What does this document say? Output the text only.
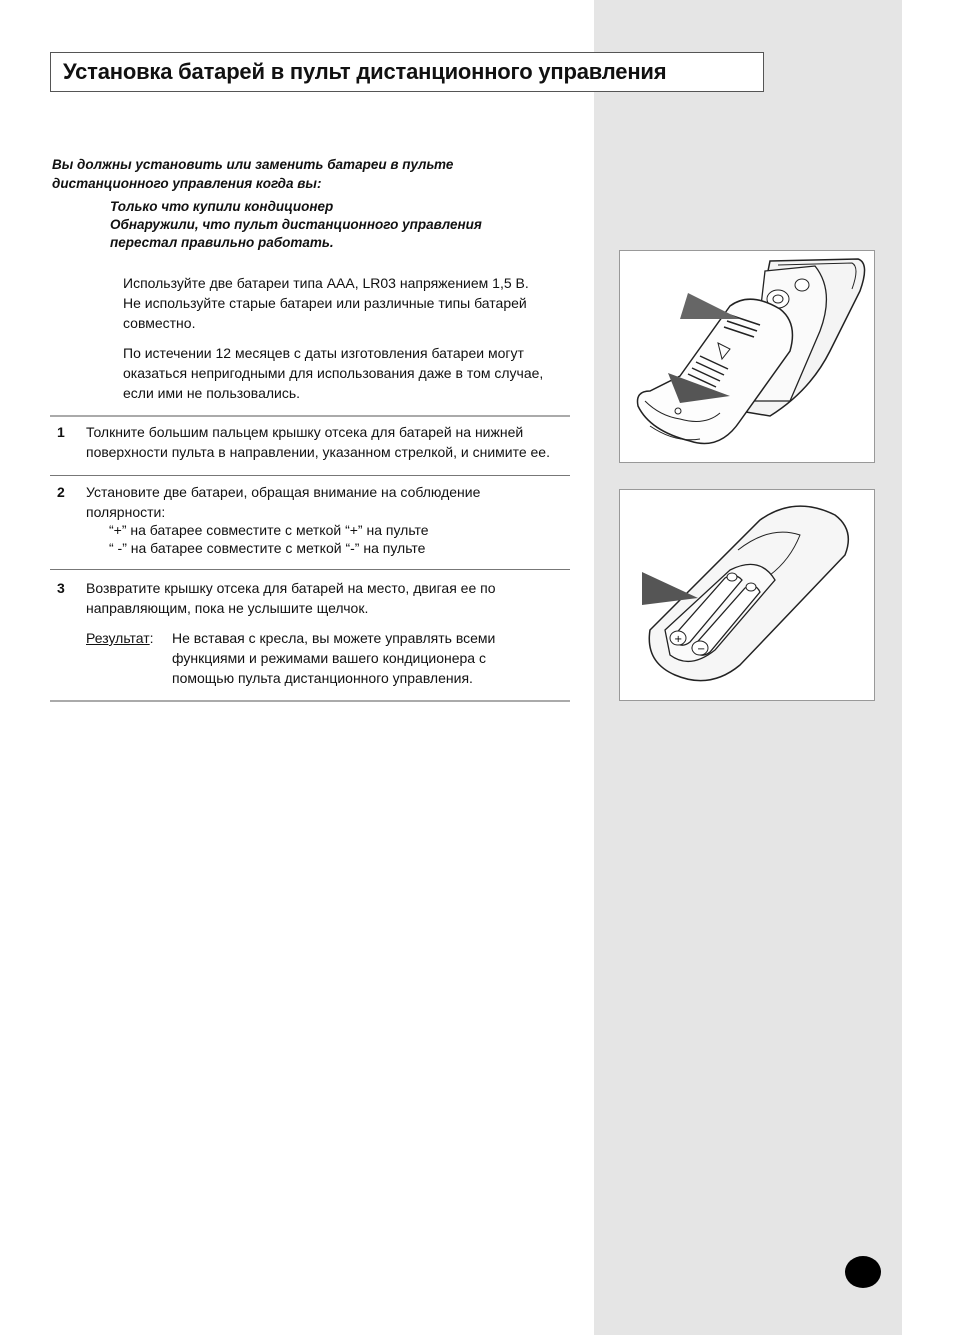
Установка батарей в пульт дистанционного управления
Вы должны установить или заменить батареи в пульте
дистанционного управления когда вы:
Только что купили кондиционер
Обнаружили, что пульт дистанционного управления
перестал правильно работать.
Используйте две батареи типа AAA, LR03 напряжением 1,5 В.
Не используйте старые батареи или различные типы батарей
совместно.
По истечении 12 месяцев с даты изготовления батареи могут
оказаться непригодными для использования даже в том случае,
если ими не пользовались.
1 Толкните большим пальцем крышку отсека для батарей на нижней
поверхности пульта в направлении, указанном стрелкой, и снимите ее.
2 Установите две батареи, обращая внимание на соблюдение
полярности:
“+” на батарее совместите с меткой “+” на пульте
“ -” на батарее совместите с меткой “-” на пульте
3 Возвратите крышку отсека для батарей на место, двигая ее по
направляющим, пока не услышите щелчок.
Результат: Не вставая с кресла, вы можете управлять всеми
функциями и режимами вашего кондиционера с
помощью пульта дистанционного управления.
+
−
